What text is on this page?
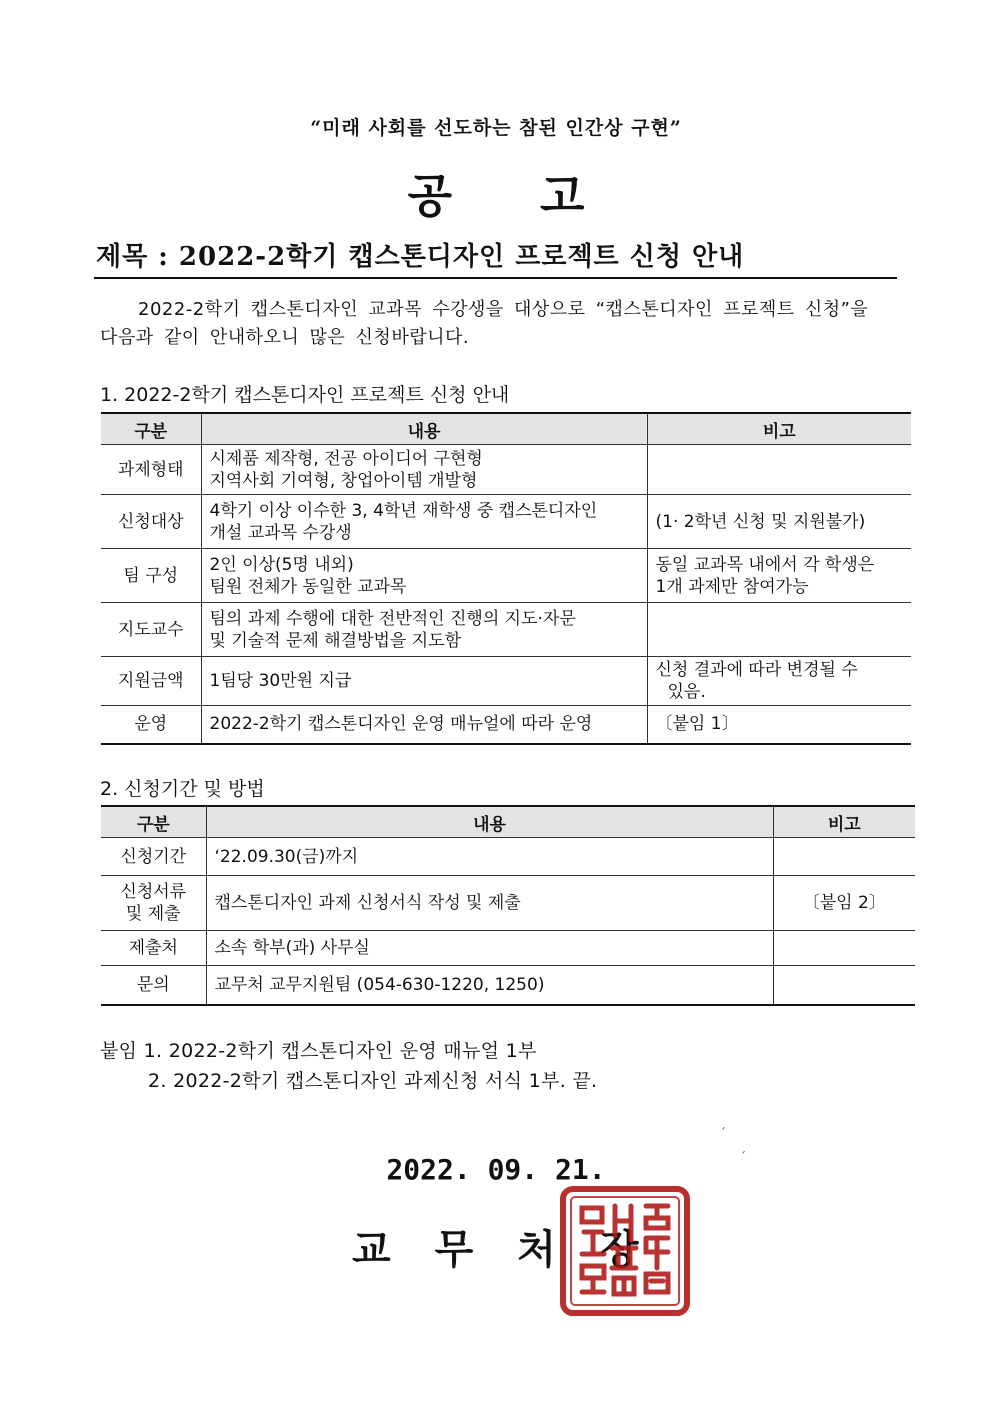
“미래 사회를 선도하는 참된 인간상 구현”
공고
제목 : 2022-2학기 캡스톤디자인 프로젝트 신청 안내
2022-2학기 캡스톤디자인 교과목 수강생을 대상으로 “캡스톤디자인 프로젝트 신청”을
다음과 같이 안내하오니 많은 신청바랍니다.
1. 2022-2학기 캡스톤디자인 프로젝트 신청 안내
구분	내용	비고
과제형태	시제품 제작형, 전공 아이디어 구현형
지역사회 기여형, 창업아이템 개발형	

신청대상	4학기 이상 이수한 3, 4학년 재학생 중 캡스톤디자인
개설 교과목 수강생	(1· 2학년 신청 및 지원불가)

팀 구성	2인 이상(5명 내외)
팀원 전체가 동일한 교과목	동일 교과목 내에서 각 학생은
1개 과제만 참여가능

지도교수	팀의 과제 수행에 대한 전반적인 진행의 지도·자문
및 기술적 문제 해결방법을 지도함	

지원금액	1팀당 30만원 지급	신청 결과에 따라 변경될 수
있음.

운영	2022-2학기 캡스톤디자인 운영 매뉴얼에 따라 운영	〔붙임 1〕
2. 신청기간 및 방법
구분	내용	비고

신청기간	‘22.09.30(금)까지	

신청서류
및 제출	캡스톤디자인 과제 신청서식 작성 및 제출	〔붙임 2〕

제출처	소속 학부(과) 사무실	

문의	교무처 교무지원팀 (054-630-1220, 1250)	
붙임 1. 2022-2학기 캡스톤디자인 운영 매뉴얼 1부
2. 2022-2학기 캡스톤디자인 과제신청 서식 1부. 끝.
ˊ
ˊ
2022. 09. 21.
교무처장
